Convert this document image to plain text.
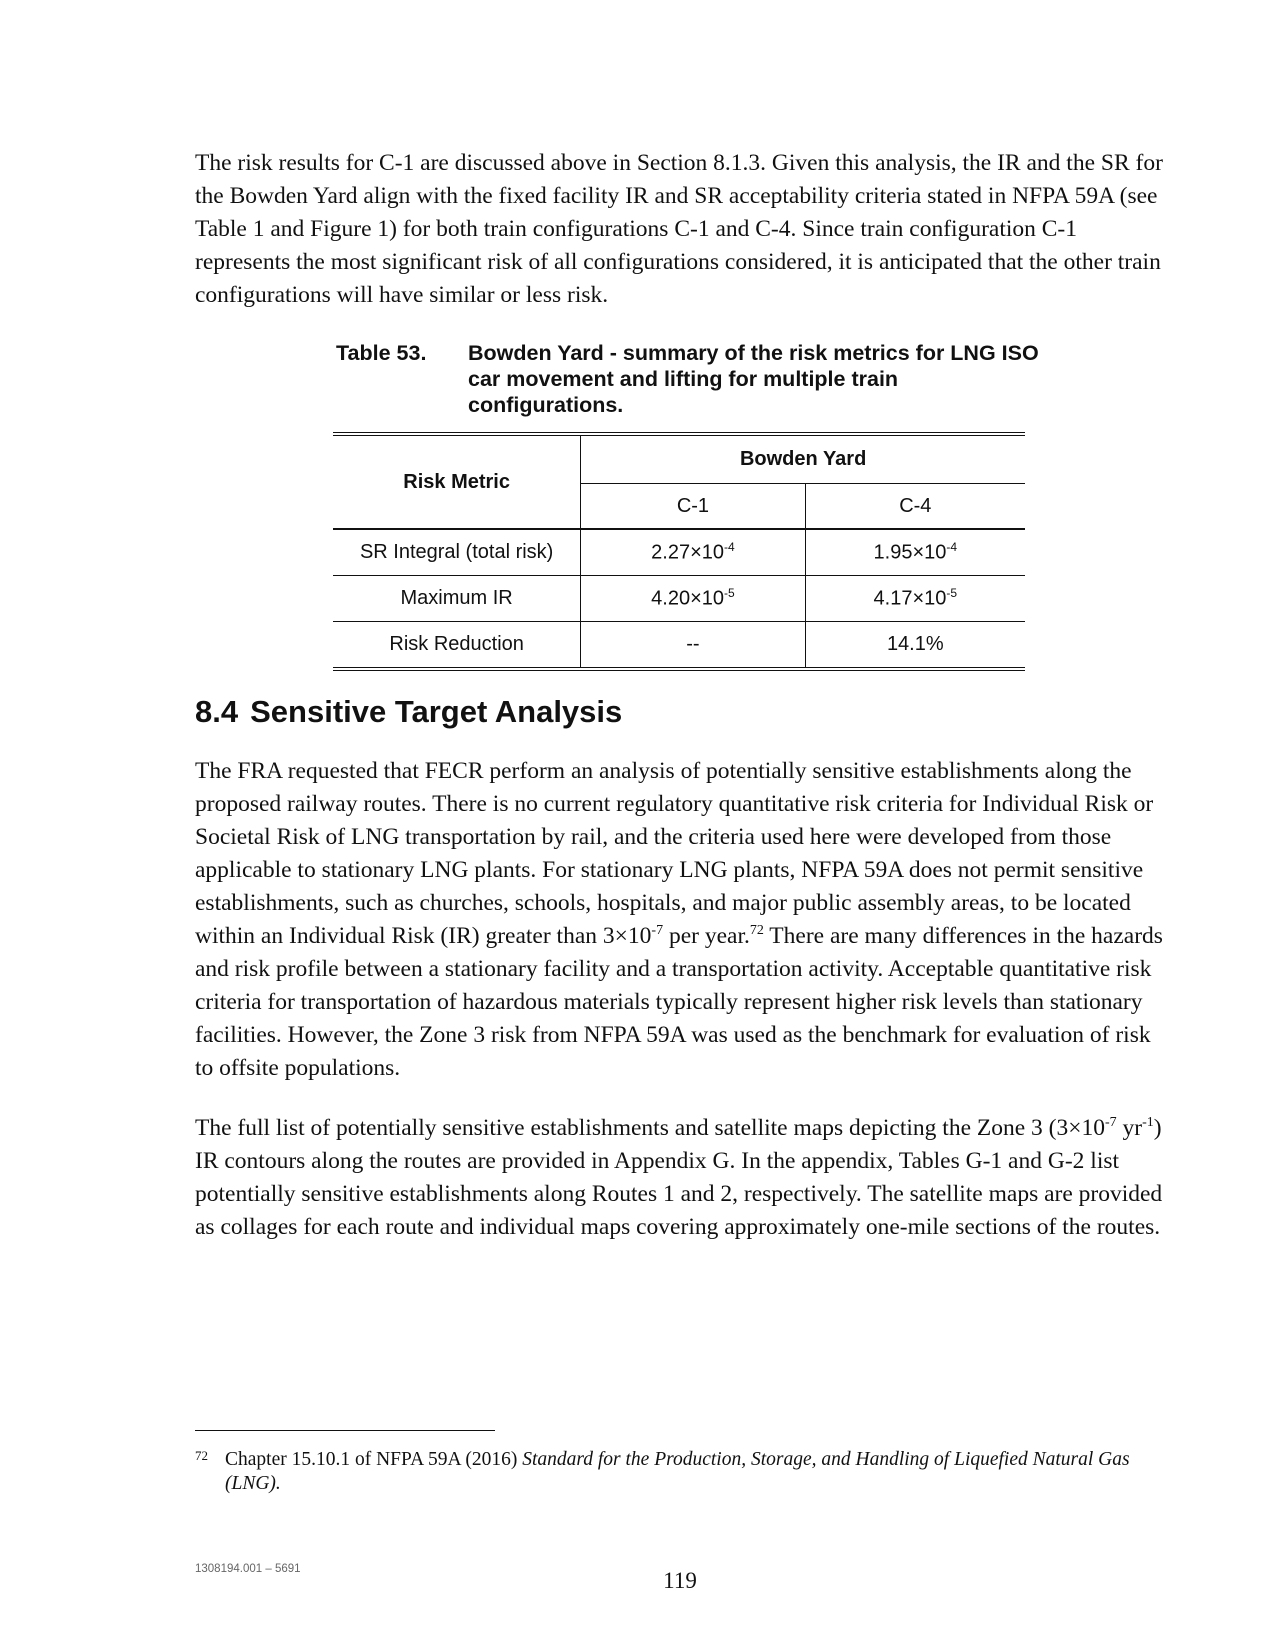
The risk results for C-1 are discussed above in Section 8.1.3. Given this analysis, the IR and the SR for the Bowden Yard align with the fixed facility IR and SR acceptability criteria stated in NFPA 59A (see Table 1 and Figure 1) for both train configurations C-1 and C-4. Since train configuration C-1 represents the most significant risk of all configurations considered, it is anticipated that the other train configurations will have similar or less risk.

Table 53.	Bowden Yard - summary of the risk metrics for LNG ISO car movement and lifting for multiple train configurations.
Risk Metric	Bowden Yard	
	C-1	C-4
SR Integral (total risk)	$2.27\times 10^{-4}$	$1.95\times 10^{-4}$
Maximum IR	$4.20\times 10^{-5}$	$4.17\times 10^{-5}$
Risk Reduction	--	14.1%
8.4 Sensitive Target Analysis

The FRA requested that FECR perform an analysis of potentially sensitive establishments along the proposed railway routes. There is no current regulatory quantitative risk criteria for Individual Risk or Societal Risk of LNG transportation by rail, and the criteria used here were developed from those applicable to stationary LNG plants. For stationary LNG plants, NFPA 59A does not permit sensitive establishments, such as churches, schools, hospitals, and major public assembly areas, to be located within an Individual Risk (IR) greater than $3\times 10^{-7}$ per year.$^{72}$ There are many differences in the hazards and risk profile between a stationary facility and a transportation activity. Acceptable quantitative risk criteria for transportation of hazardous materials typically represent higher risk levels than stationary facilities. However, the Zone 3 risk from NFPA 59A was used as the benchmark for evaluation of risk to offsite populations.

The full list of potentially sensitive establishments and satellite maps depicting the Zone 3 ($3\times 10^{-7}$ $yr^{-1}$) IR contours along the routes are provided in Appendix G. In the appendix, Tables G-1 and G-2 list potentially sensitive establishments along Routes 1 and 2, respectively. The satellite maps are provided as collages for each route and individual maps covering approximately one-mile sections of the routes.

72 Chapter 15.10.1 of NFPA 59A (2016) Standard for the Production, Storage, and Handling of Liquefied Natural Gas (LNG).
1308194.001 – 5691	119
